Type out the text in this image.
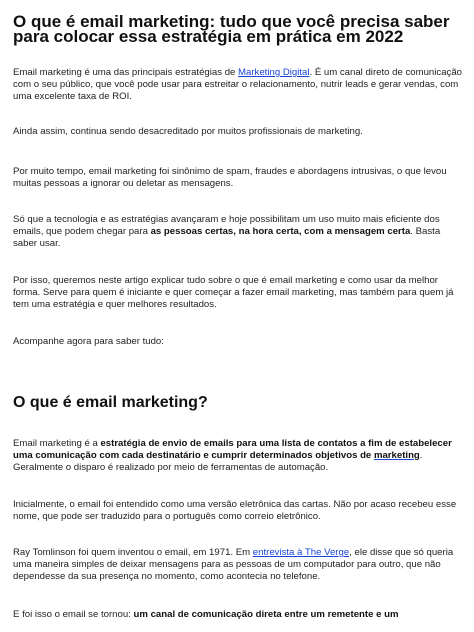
O que é email marketing: tudo que você precisa saber para colocar essa estratégia em prática em 2022

Email marketing é uma das principais estratégias de Marketing Digital. É um canal direto de comunicação com o seu público, que você pode usar para estreitar o relacionamento, nutrir leads e gerar vendas, com uma excelente taxa de ROI.

Ainda assim, continua sendo desacreditado por muitos profissionais de marketing.

Por muito tempo, email marketing foi sinônimo de spam, fraudes e abordagens intrusivas, o que levou muitas pessoas a ignorar ou deletar as mensagens.

Só que a tecnologia e as estratégias avançaram e hoje possibilitam um uso muito mais eficiente dos emails, que podem chegar para as pessoas certas, na hora certa, com a mensagem certa. Basta saber usar.

Por isso, queremos neste artigo explicar tudo sobre o que é email marketing e como usar da melhor forma. Serve para quem é iniciante e quer começar a fazer email marketing, mas também para quem já tem uma estratégia e quer melhores resultados.

Acompanhe agora para saber tudo:

O que é email marketing?

Email marketing é a estratégia de envio de emails para uma lista de contatos a fim de estabelecer uma comunicação com cada destinatário e cumprir determinados objetivos de marketing. Geralmente o disparo é realizado por meio de ferramentas de automação.

Inicialmente, o email foi entendido como uma versão eletrônica das cartas. Não por acaso recebeu esse nome, que pode ser traduzido para o português como correio eletrônico.

Ray Tomlinson foi quem inventou o email, em 1971. Em entrevista à The Verge, ele disse que só queria uma maneira simples de deixar mensagens para as pessoas de um computador para outro, que não dependesse da sua presença no momento, como acontecia no telefone.

E foi isso o email se tornou: um canal de comunicação direta entre um remetente e um
